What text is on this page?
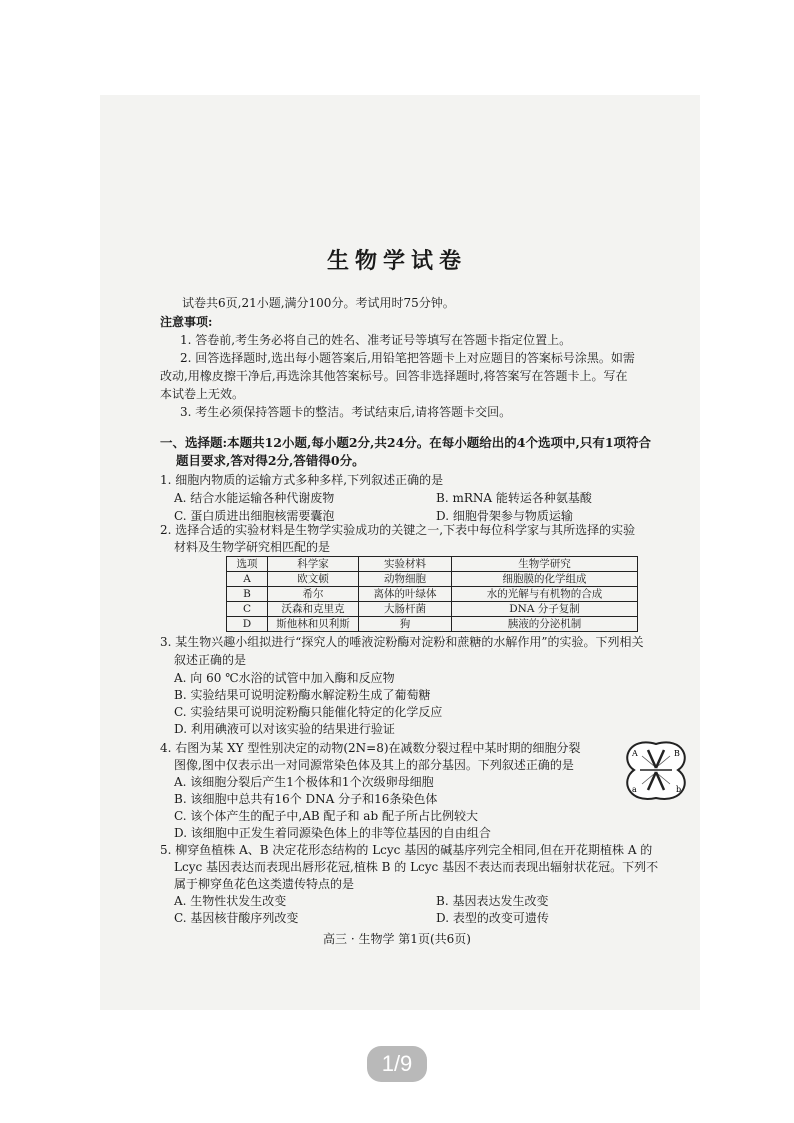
生物学试卷
试卷共6页,21小题,满分100分。考试用时75分钟。
注意事项:
1. 答卷前,考生务必将自己的姓名、准考证号等填写在答题卡指定位置上。
2. 回答选择题时,选出每小题答案后,用铅笔把答题卡上对应题目的答案标号涂黑。如需
改动,用橡皮擦干净后,再选涂其他答案标号。回答非选择题时,将答案写在答题卡上。写在
本试卷上无效。
3. 考生必须保持答题卡的整洁。考试结束后,请将答题卡交回。
一、选择题:本题共12小题,每小题2分,共24分。在每小题给出的4个选项中,只有1项符合
题目要求,答对得2分,答错得0分。
1. 细胞内物质的运输方式多种多样,下列叙述正确的是
A. 结合水能运输各种代谢废物	B. mRNA 能转运各种氨基酸
C. 蛋白质进出细胞核需要囊泡	D. 细胞骨架参与物质运输
2. 选择合适的实验材料是生物学实验成功的关键之一,下表中每位科学家与其所选择的实验
材料及生物学研究相匹配的是
选项	科学家	实验材料	生物学研究
A	欧文顿	动物细胞	细胞膜的化学组成
B	希尔	离体的叶绿体	水的光解与有机物的合成
C	沃森和克里克	大肠杆菌	DNA 分子复制
D	斯他林和贝利斯	狗	胰液的分泌机制
3. 某生物兴趣小组拟进行“探究人的唾液淀粉酶对淀粉和蔗糖的水解作用”的实验。下列相关
叙述正确的是
A. 向 60 ℃水浴的试管中加入酶和反应物
B. 实验结果可说明淀粉酶水解淀粉生成了葡萄糖
C. 实验结果可说明淀粉酶只能催化特定的化学反应
D. 利用碘液可以对该实验的结果进行验证
4. 右图为某 XY 型性别决定的动物(2N=8)在减数分裂过程中某时期的细胞分裂
图像,图中仅表示出一对同源常染色体及其上的部分基因。下列叙述正确的是
A. 该细胞分裂后产生1个极体和1个次级卵母细胞
B. 该细胞中总共有16个 DNA 分子和16条染色体
C. 该个体产生的配子中,AB 配子和 ab 配子所占比例较大
D. 该细胞中正发生着同源染色体上的非等位基因的自由组合
A	B
a	b
5. 柳穿鱼植株 A、B 决定花形态结构的 Lcyc 基因的碱基序列完全相同,但在开花期植株 A 的
Lcyc 基因表达而表现出唇形花冠,植株 B 的 Lcyc 基因不表达而表现出辐射状花冠。下列不
属于柳穿鱼花色这类遗传特点的是
A. 生物性状发生改变	B. 基因表达发生改变
C. 基因核苷酸序列改变	D. 表型的改变可遗传
高三 · 生物学 第1页(共6页)
1/9
